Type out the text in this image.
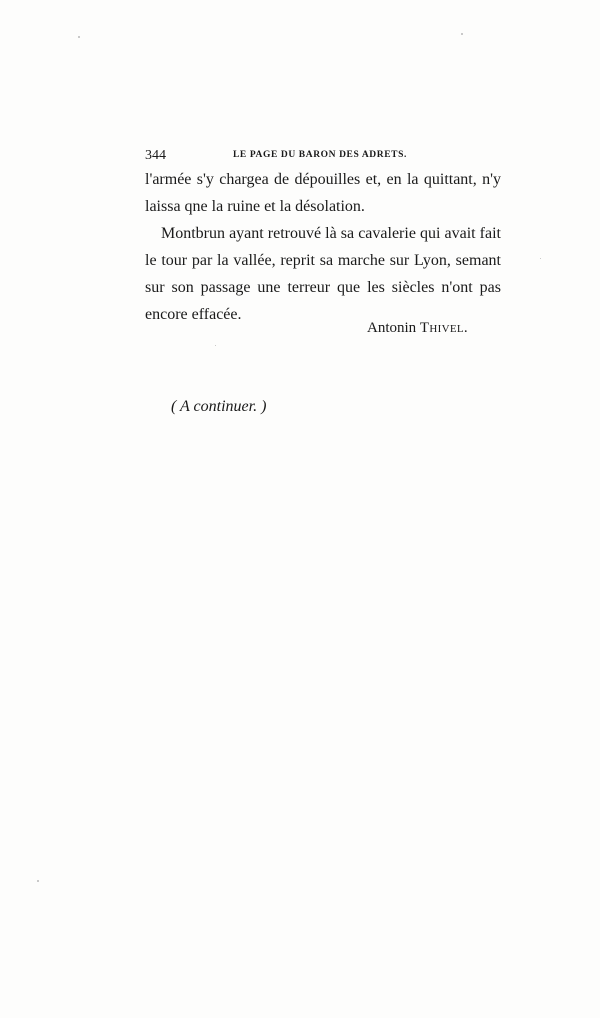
344	LE PAGE DU BARON DES ADRETS.
l'armée s'y chargea de dépouilles et, en la quittant, n'y
laissa qne la ruine et la désolation.
Montbrun ayant retrouvé là sa cavalerie qui avait fait
le tour par la vallée, reprit sa marche sur Lyon, semant
sur son passage une terreur que les siècles n'ont pas
encore effacée.
Antonin Thivel.
( A continuer. )
